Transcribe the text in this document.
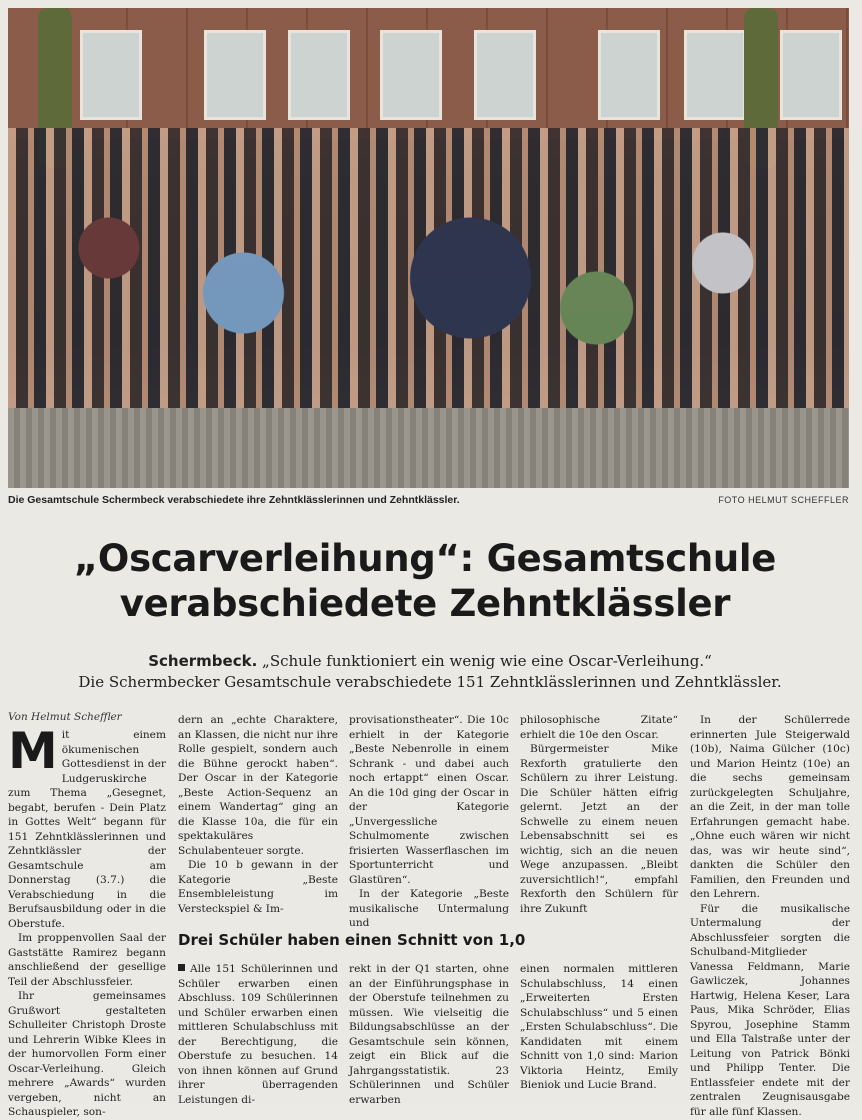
Die Gesamtschule Schermbeck verabschiedete ihre Zehntklässlerinnen und Zehntklässler.	FOTO HELMUT SCHEFFLER
„Oscarverleihung“: Gesamtschule
verabschiedete Zehntklässler
Schermbeck. „Schule funktioniert ein wenig wie eine Oscar-Verleihung.“
Die Schermbecker Gesamtschule verabschiedete 151 Zehntklässlerinnen und Zehntklässler.
Von Helmut Scheffler

Mit einem ökumenischen Gottesdienst in der Ludgeruskirche zum Thema „Gesegnet, begabt, berufen - Dein Platz in Gottes Welt“ begann für 151 Zehntklässlerinnen und Zehntklässler der Gesamtschule am Donnerstag (3.7.) die Verabschiedung in die Berufsausbildung oder in die Oberstufe.

Im proppenvollen Saal der Gaststätte Ramirez begann anschließend der gesellige Teil der Abschlussfeier.

Ihr gemeinsames Grußwort gestalteten Schulleiter Christoph Droste und Lehrerin Wibke Klees in der humorvollen Form einer Oscar-Verleihung. Gleich mehrere „Awards“ wurden vergeben, nicht an Schauspieler, son-

dern an „echte Charaktere, an Klassen, die nicht nur ihre Rolle gespielt, sondern auch die Bühne gerockt haben“. Der Oscar in der Kategorie „Beste Action-Sequenz an einem Wandertag“ ging an die Klasse 10a, die für ein spektakuläres Schulabenteuer sorgte.

Die 10 b gewann in der Kategorie „Beste Ensembleleistung im Versteckspiel & Im-

provisationstheater“. Die 10c erhielt in der Kategorie „Beste Nebenrolle in einem Schrank - und dabei auch noch ertappt“ einen Oscar. An die 10d ging der Oscar in der Kategorie „Unvergessliche Schulmomente zwischen frisierten Wasserflaschen im Sportunterricht und Glastüren“.

In der Kategorie „Beste musikalische Untermalung und

philosophische Zitate“ erhielt die 10e den Oscar.

Bürgermeister Mike Rexforth gratulierte den Schülern zu ihrer Leistung. Die Schüler hätten eifrig gelernt. Jetzt an der Schwelle zu einem neuen Lebensabschnitt sei es wichtig, sich an die neuen Wege anzupassen. „Bleibt zuversichtlich!“, empfahl Rexforth den Schülern für ihre Zukunft

In der Schülerrede erinnerten Jule Steigerwald (10b), Naima Gülcher (10c) und Marion Heintz (10e) an die sechs gemeinsam zurückgelegten Schuljahre, an die Zeit, in der man tolle Erfahrungen gemacht habe. „Ohne euch wären wir nicht das, was wir heute sind“, dankten die Schüler den Familien, den Freunden und den Lehrern.

Für die musikalische Untermalung der Abschlussfeier sorgten die Schulband-Mitglieder Vanessa Feldmann, Marie Gawliczek, Johannes Hartwig, Helena Keser, Lara Paus, Mika Schröder, Elias Spyrou, Josephine Stamm und Ella Talstraße unter der Leitung von Patrick Bönki und Philipp Tenter. Die Entlassfeier endete mit der zentralen Zeugnisausgabe für alle fünf Klassen.

Drei Schüler haben einen Schnitt von 1,0

Alle 151 Schülerinnen und Schüler erwarben einen Abschluss. 109 Schülerinnen und Schüler erwarben einen mittleren Schulabschluss mit der Berechtigung, die Oberstufe zu besuchen. 14 von ihnen können auf Grund ihrer überragenden Leistungen di-

rekt in der Q1 starten, ohne an der Einführungsphase in der Oberstufe teilnehmen zu müssen. Wie vielseitig die Bildungsabschlüsse an der Gesamtschule sein können, zeigt ein Blick auf die Jahrgangsstatistik. 23 Schülerinnen und Schüler erwarben

einen normalen mittleren Schulabschluss, 14 einen „Erweiterten Ersten Schulabschluss“ und 5 einen „Ersten Schulabschluss“. Die Kandidaten mit einem Schnitt von 1,0 sind: Marion Viktoria Heintz, Emily Bieniok und Lucie Brand.
